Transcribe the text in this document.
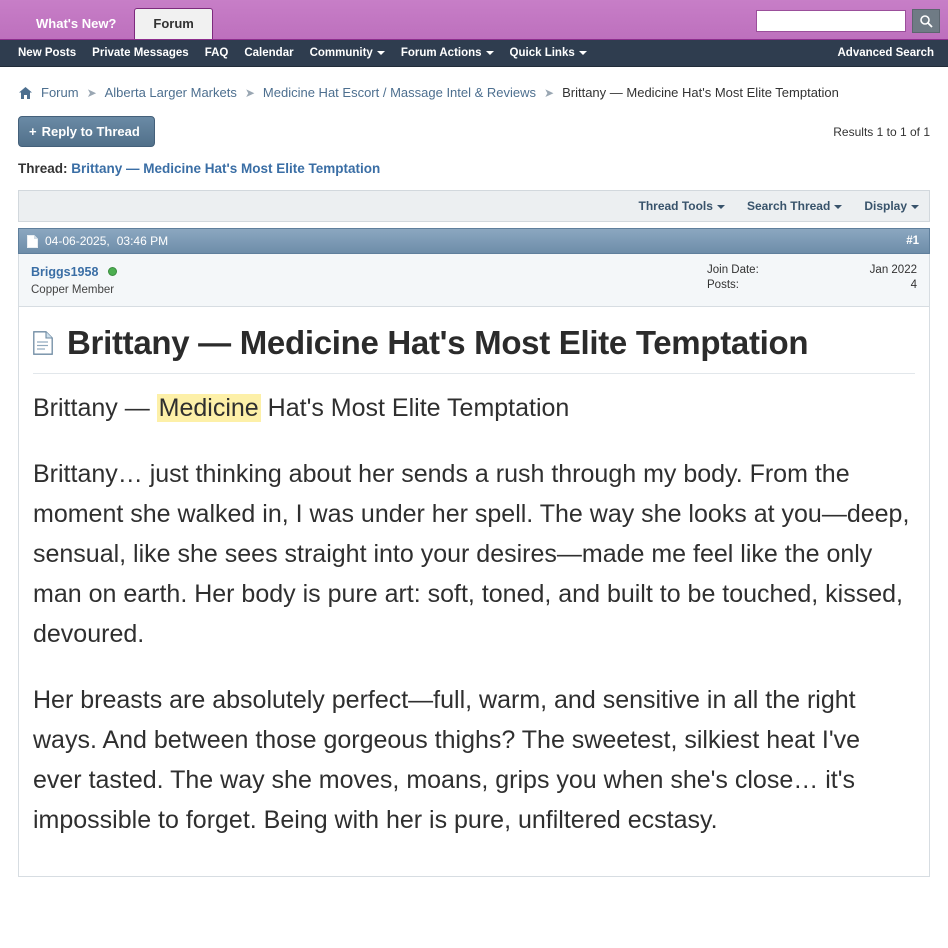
What's New?	Forum
New Posts Private Messages FAQ Calendar Community	Forum Actions	Quick Links	Advanced Search
Forum ➤ Alberta Larger Markets ➤ Medicine Hat Escort / Massage Intel & Reviews ➤ Brittany — Medicine Hat's Most Elite Temptation
+ Reply to Thread	Results 1 to 1 of 1
Thread: Brittany — Medicine Hat's Most Elite Temptation
Thread Tools	Search Thread	Display
04-06-2025, 03:46 PM	#1
Briggs1958
Copper Member
Join Date:	Jan 2022
Posts:	4
Brittany — Medicine Hat's Most Elite Temptation

Brittany — Medicine Hat's Most Elite Temptation

Brittany… just thinking about her sends a rush through my body. From the moment she walked in, I was under her spell. The way she looks at you—deep, sensual, like she sees straight into your desires—made me feel like the only man on earth. Her body is pure art: soft, toned, and built to be touched, kissed, devoured.

Her breasts are absolutely perfect—full, warm, and sensitive in all the right ways. And between those gorgeous thighs? The sweetest, silkiest heat I've ever tasted. The way she moves, moans, grips you when she's close… it's impossible to forget. Being with her is pure, unfiltered ecstasy.
